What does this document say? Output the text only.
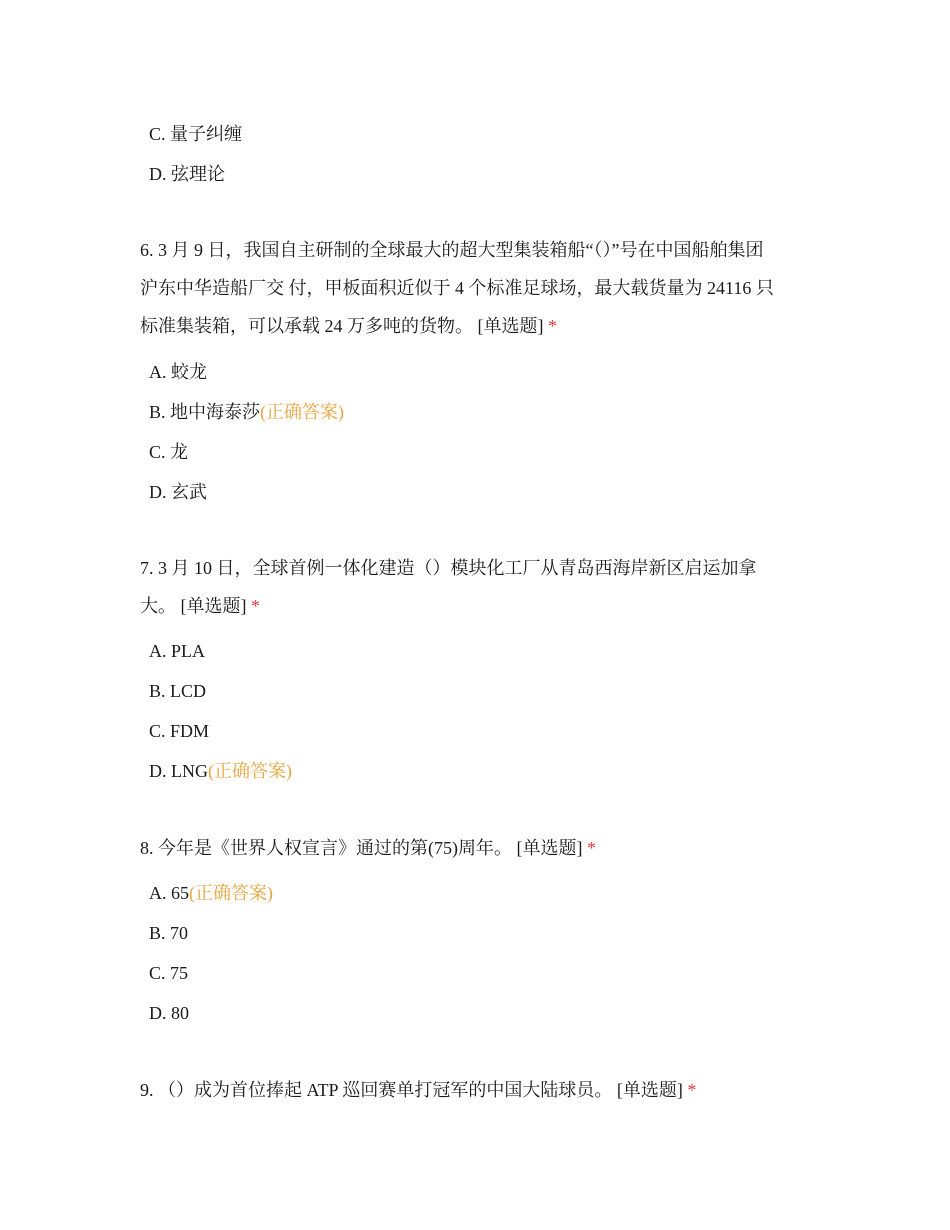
C. 量子纠缠
D. 弦理论
6. 3 月 9 日，我国自主研制的全球最大的超大型集装箱船“（）”号在中国船舶集团
沪东中华造船厂交 付，甲板面积近似于 4 个标准足球场，最大载货量为 24116 只
标准集装箱，可以承载 24 万多吨的货物。 [单选题] *
A. 蛟龙
B. 地中海泰莎(正确答案)
C. 龙
D. 玄武
7. 3 月 10 日，全球首例一体化建造（）模块化工厂从青岛西海岸新区启运加拿
大。 [单选题] *
A. PLA
B. LCD
C. FDM
D. LNG(正确答案)
8. 今年是《世界人权宣言》通过的第(75)周年。 [单选题] *
A. 65(正确答案)
B. 70
C. 75
D. 80
9. （）成为首位捧起 ATP 巡回赛单打冠军的中国大陆球员。 [单选题] *
